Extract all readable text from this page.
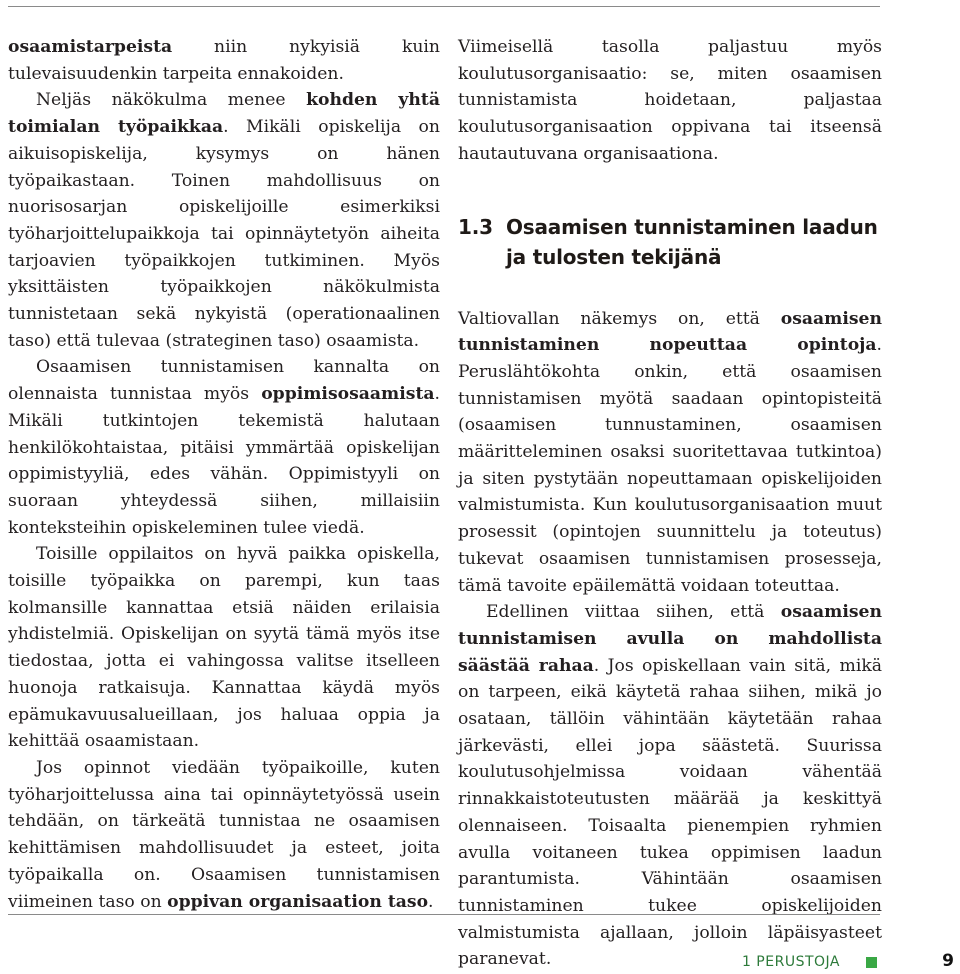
osaamistarpeista niin nykyisiä kuin tulevaisuudenkin tarpeita ennakoiden.

Neljäs näkökulma menee kohden yhtä toimialan työpaikkaa. Mikäli opiskelija on aikuisopiskelija, kysymys on hänen työpaikastaan. Toinen mahdollisuus on nuorisosarjan opiskelijoille esimerkiksi työharjoittelupaikkoja tai opinnäytetyön aiheita tarjoavien työpaikkojen tutkiminen. Myös yksittäisten työpaikkojen näkökulmista tunnistetaan sekä nykyistä (operationaalinen taso) että tulevaa (strateginen taso) osaamista.

Osaamisen tunnistamisen kannalta on olennaista tunnistaa myös oppimisosaamista. Mikäli tutkintojen tekemistä halutaan henkilökohtaistaa, pitäisi ymmärtää opiskelijan oppimistyyliä, edes vähän. Oppimistyyli on suoraan yhteydessä siihen, millaisiin konteksteihin opiskeleminen tulee viedä.

Toisille oppilaitos on hyvä paikka opiskella, toisille työpaikka on parempi, kun taas kolmansille kannattaa etsiä näiden erilaisia yhdistelmiä. Opiskelijan on syytä tämä myös itse tiedostaa, jotta ei vahingossa valitse itselleen huonoja ratkaisuja. Kannattaa käydä myös epämukavuusalueillaan, jos haluaa oppia ja kehittää osaamistaan.

Jos opinnot viedään työpaikoille, kuten työharjoittelussa aina tai opinnäytetyössä usein tehdään, on tärkeätä tunnistaa ne osaamisen kehittämisen mahdollisuudet ja esteet, joita työpaikalla on. Osaamisen tunnistamisen viimeinen taso on oppivan organisaation taso.

Viimeisellä tasolla paljastuu myös koulutusorganisaatio: se, miten osaamisen tunnistamista hoidetaan, paljastaa koulutusorganisaation oppivana tai itseensä hautautuvana organisaationa.

1.3 Osaamisen tunnistaminen laadun ja tulosten tekijänä

Valtiovallan näkemys on, että osaamisen tunnistaminen nopeuttaa opintoja. Peruslähtökohta onkin, että osaamisen tunnistamisen myötä saadaan opintopisteitä (osaamisen tunnustaminen, osaamisen määritteleminen osaksi suoritettavaa tutkintoa) ja siten pystytään nopeuttamaan opiskelijoiden valmistumista. Kun koulutusorganisaation muut prosessit (opintojen suunnittelu ja toteutus) tukevat osaamisen tunnistamisen prosesseja, tämä tavoite epäilemättä voidaan toteuttaa.

Edellinen viittaa siihen, että osaamisen tunnistamisen avulla on mahdollista säästää rahaa. Jos opiskellaan vain sitä, mikä on tarpeen, eikä käytetä rahaa siihen, mikä jo osataan, tällöin vähintään käytetään rahaa järkevästi, ellei jopa säästetä. Suurissa koulutusohjelmissa voidaan vähentää rinnakkaistoteutusten määrää ja keskittyä olennaiseen. Toisaalta pienempien ryhmien avulla voitaneen tukea oppimisen laadun parantumista. Vähintään osaamisen tunnistaminen tukee opiskelijoiden valmistumista ajallaan, jolloin läpäisyasteet paranevat.	1 PERUSTOJA	9
